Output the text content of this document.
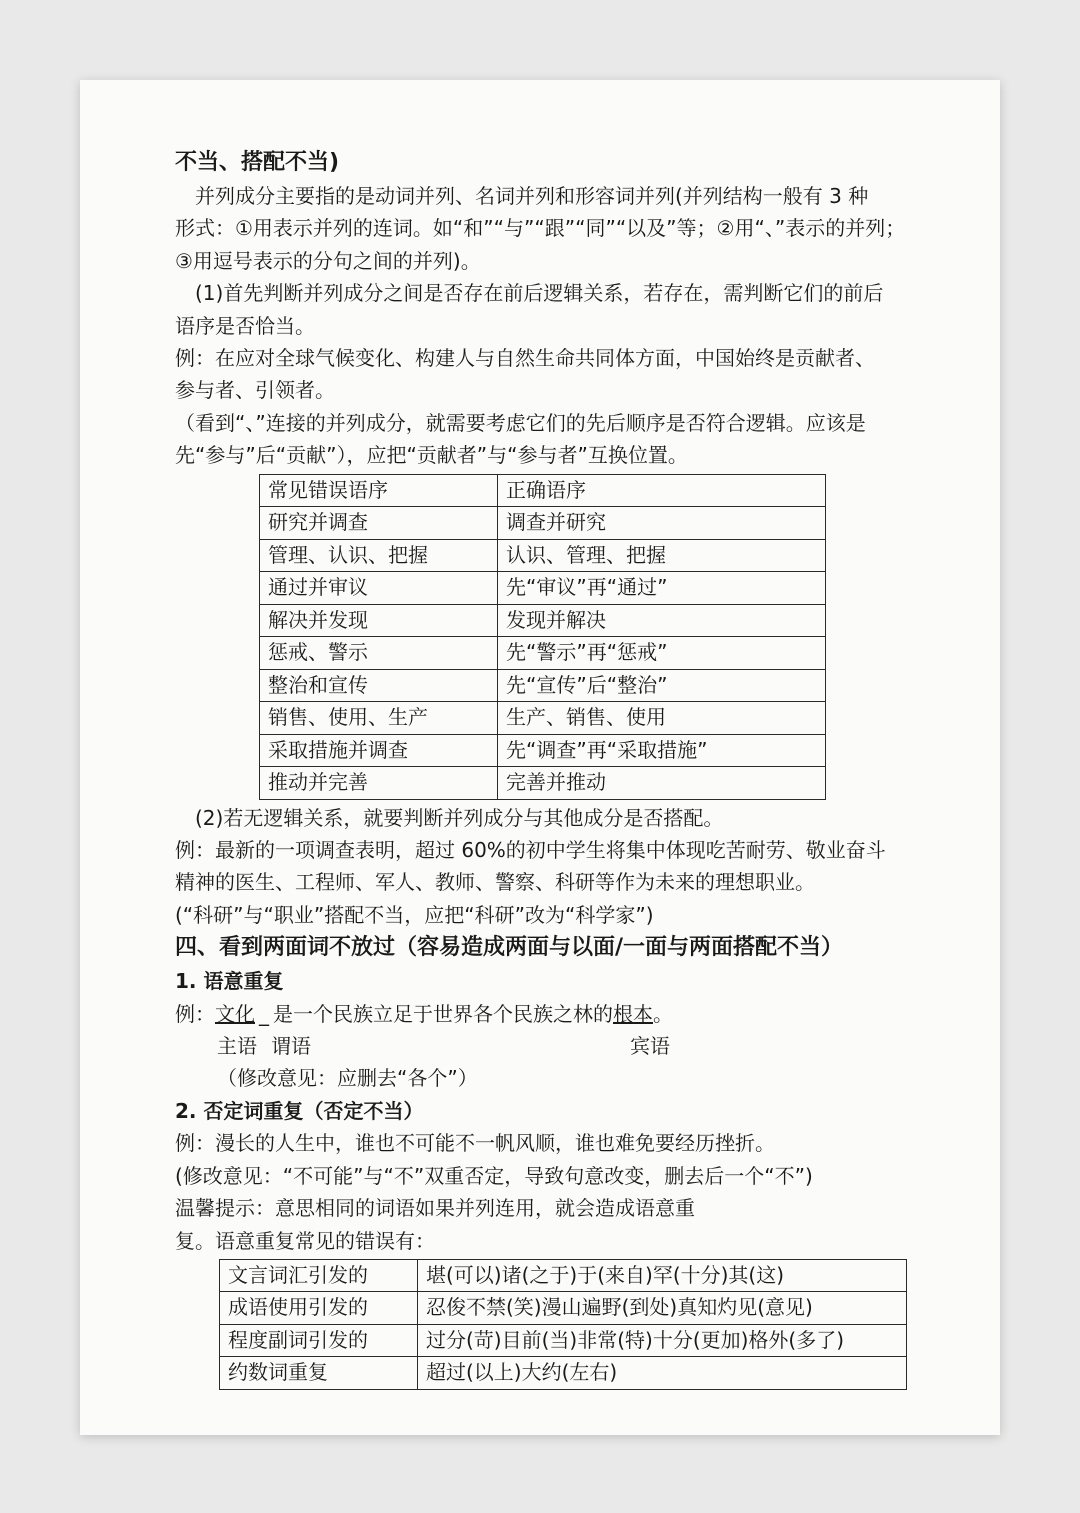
不当、搭配不当)

并列成分主要指的是动词并列、名词并列和形容词并列(并列结构一般有 3 种

形式：①用表示并列的连词。如“和”“与”“跟”“同”“以及”等；②用“、”表示的并列；

③用逗号表示的分句之间的并列)。

(1)首先判断并列成分之间是否存在前后逻辑关系，若存在，需判断它们的前后

语序是否恰当。

例：在应对全球气候变化、构建人与自然生命共同体方面，中国始终是贡献者、

参与者、引领者。

（看到“、”连接的并列成分，就需要考虑它们的先后顺序是否符合逻辑。应该是

先“参与”后“贡献”），应把“贡献者”与“参与者”互换位置。

常见错误语序	正确语序
研究并调查	调查并研究
管理、认识、把握	认识、管理、把握
通过并审议	先“审议”再“通过”
解决并发现	发现并解决
惩戒、警示	先“警示”再“惩戒”
整治和宣传	先“宣传”后“整治”
销售、使用、生产	生产、销售、使用
采取措施并调查	先“调查”再“采取措施”
推动并完善	完善并推动

(2)若无逻辑关系，就要判断并列成分与其他成分是否搭配。

例：最新的一项调查表明，超过 60%的初中学生将集中体现吃苦耐劳、敬业奋斗

精神的医生、工程师、军人、教师、警察、科研等作为未来的理想职业。

(“科研”与“职业”搭配不当，应把“科研”改为“科学家”)

四、看到两面词不放过（容易造成两面与以面/一面与两面搭配不当）

1. 语意重复

例：文化 _ 是一个民族立足于世界各个民族之林的根本。

主语 谓语	宾语

（修改意见：应删去“各个”）

2. 否定词重复（否定不当）

例：漫长的人生中，谁也不可能不一帆风顺，谁也难免要经历挫折。

(修改意见：“不可能”与“不”双重否定，导致句意改变，删去后一个“不”)

温馨提示：意思相同的词语如果并列连用，就会造成语意重

复。语意重复常见的错误有：

文言词汇引发的	堪(可以)诸(之于)于(来自)罕(十分)其(这)
成语使用引发的	忍俊不禁(笑)漫山遍野(到处)真知灼见(意见)
程度副词引发的	过分(苛)目前(当)非常(特)十分(更加)格外(多了)
约数词重复	超过(以上)大约(左右)
